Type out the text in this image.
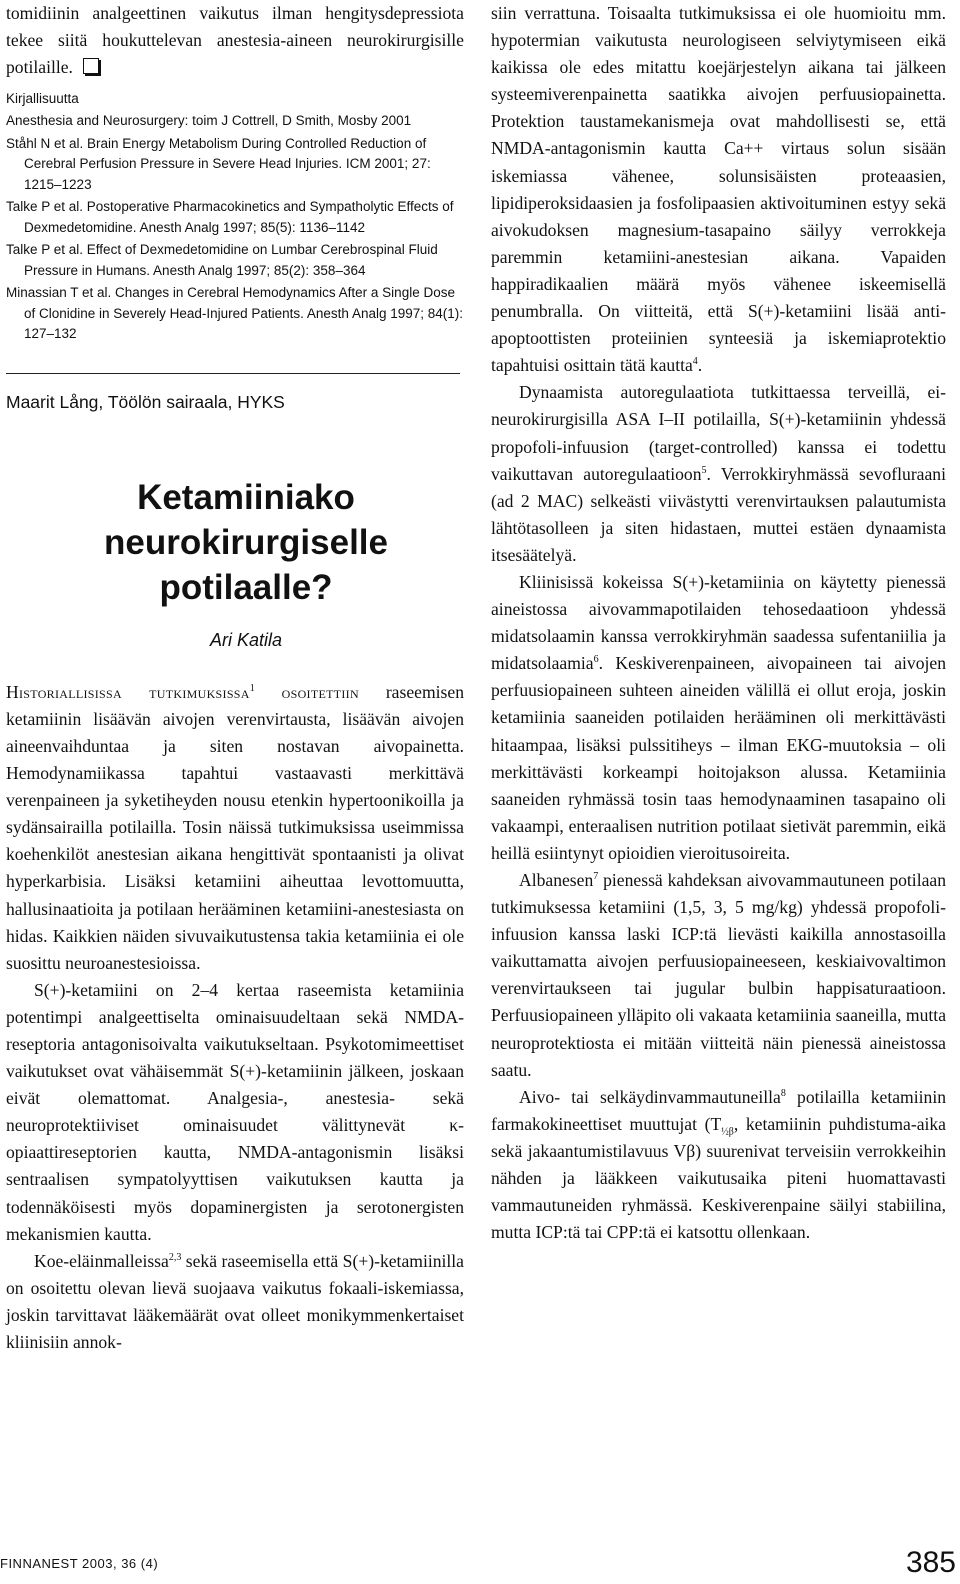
tomidiinin analgeettinen vaikutus ilman hengitysdepressiota tekee siitä houkuttelevan anestesia-aineen neurokirurgisille potilaille.

Kirjallisuutta

Anesthesia and Neurosurgery: toim J Cottrell, D Smith, Mosby 2001

Ståhl N et al. Brain Energy Metabolism During Controlled Reduction of Cerebral Perfusion Pressure in Severe Head Injuries. ICM 2001; 27: 1215–1223

Talke P et al. Postoperative Pharmacokinetics and Sympatholytic Effects of Dexmedetomidine. Anesth Analg 1997; 85(5): 1136–1142

Talke P et al. Effect of Dexmedetomidine on Lumbar Cerebrospinal Fluid Pressure in Humans. Anesth Analg 1997; 85(2): 358–364

Minassian T et al. Changes in Cerebral Hemodynamics After a Single Dose of Clonidine in Severely Head-Injured Patients. Anesth Analg 1997; 84(1): 127–132

Maarit Lång, Töölön sairaala, HYKS
Ketamiiniako neurokirurgiselle potilaalle?
Ari Katila

Historiallisissa tutkimuksissa$^1$ osoitettiin raseemisen ketamiinin lisäävän aivojen verenvirtausta, lisäävän aivojen aineenvaihduntaa ja siten nostavan aivopainetta. Hemodynamiikassa tapahtui vastaavasti merkittävä verenpaineen ja syketiheyden nousu etenkin hypertoonikoilla ja sydänsairailla potilailla. Tosin näissä tutkimuksissa useimmissa koehenkilöt anestesian aikana hengittivät spontaanisti ja olivat hyperkarbisia. Lisäksi ketamiini aiheuttaa levottomuutta, hallusinaatioita ja potilaan herääminen ketamiini-anestesiasta on hidas. Kaikkien näiden sivuvaikutustensa takia ketamiinia ei ole suosittu neuroanestesioissa.

S(+)-ketamiini on 2–4 kertaa raseemista ketamiinia potentimpi analgeettiselta ominaisuudeltaan sekä NMDA-reseptoria antagonisoivalta vaikutukseltaan. Psykotomimeettiset vaikutukset ovat vähäisemmät S(+)-ketamiinin jälkeen, joskaan eivät olemattomat. Analgesia-, anestesia- sekä neuroprotektiiviset ominaisuudet välittynevät κ-opiaattireseptorien kautta, NMDA-antagonismin lisäksi sentraalisen sympatolyyttisen vaikutuksen kautta ja todennäköisesti myös dopaminergisten ja serotonergisten mekanismien kautta.

Koe-eläinmalleissa$^{2,3}$ sekä raseemisella että S(+)-ketamiinilla on osoitettu olevan lievä suojaava vaikutus fokaali-iskemiassa, joskin tarvittavat lääkemäärät ovat olleet monikymmenkertaiset kliinisiin annok-

siin verrattuna. Toisaalta tutkimuksissa ei ole huomioitu mm. hypotermian vaikutusta neurologiseen selviytymiseen eikä kaikissa ole edes mitattu koejärjestelyn aikana tai jälkeen systeemiverenpainetta saatikka aivojen perfuusiopainetta. Protektion taustamekanismeja ovat mahdollisesti se, että NMDA-antagonismin kautta Ca++ virtaus solun sisään iskemiassa vähenee, solunsisäisten proteaasien, lipidiperoksidaasien ja fosfolipaasien aktivoituminen estyy sekä aivokudoksen magnesium-tasapaino säilyy verrokkeja paremmin ketamiini-anestesian aikana. Vapaiden happiradikaalien määrä myös vähenee iskeemisellä penumbralla. On viitteitä, että S(+)-ketamiini lisää anti-apoptoottisten proteiinien synteesiä ja iskemiaprotektio tapahtuisi osittain tätä kautta$^4$.

Dynaamista autoregulaatiota tutkittaessa terveillä, ei-neurokirurgisilla ASA I–II potilailla, S(+)-ketamiinin yhdessä propofoli-infuusion (target-controlled) kanssa ei todettu vaikuttavan autoregulaatioon$^5$. Verrokkiryhmässä sevofluraani (ad 2 MAC) selkeästi viivästytti verenvirtauksen palautumista lähtötasolleen ja siten hidastaen, muttei estäen dynaamista itsesäätelyä.

Kliinisissä kokeissa S(+)-ketamiinia on käytetty pienessä aineistossa aivovammapotilaiden tehosedaatioon yhdessä midatsolaamin kanssa verrokkiryhmän saadessa sufentaniilia ja midatsolaamia$^6$. Keskiverenpaineen, aivopaineen tai aivojen perfuusiopaineen suhteen aineiden välillä ei ollut eroja, joskin ketamiinia saaneiden potilaiden herääminen oli merkittävästi hitaampaa, lisäksi pulssitiheys – ilman EKG-muutoksia – oli merkittävästi korkeampi hoitojakson alussa. Ketamiinia saaneiden ryhmässä tosin taas hemodynaaminen tasapaino oli vakaampi, enteraalisen nutrition potilaat sietivät paremmin, eikä heillä esiintynyt opioidien vieroitusoireita.

Albanesen$^7$ pienessä kahdeksan aivovammautuneen potilaan tutkimuksessa ketamiini (1,5, 3, 5 mg/kg) yhdessä propofoli-infuusion kanssa laski ICP:tä lievästi kaikilla annostasoilla vaikuttamatta aivojen perfuusiopaineeseen, keskiaivovaltimon verenvirtaukseen tai jugular bulbin happisaturaatioon. Perfuusiopaineen ylläpito oli vakaata ketamiinia saaneilla, mutta neuroprotektiosta ei mitään viitteitä näin pienessä aineistossa saatu.

Aivo- tai selkäydinvammautuneilla$^8$ potilailla ketamiinin farmakokineettiset muuttujat ($T_{\frac{1}{2}\beta}$, ketamiinin puhdistuma-aika sekä jakaantumistilavuus Vβ) suurenivat terveisiin verrokkeihin nähden ja lääkkeen vaikutusaika piteni huomattavasti vammautuneiden ryhmässä. Keskiverenpaine säilyi stabiilina, mutta ICP:tä tai CPP:tä ei katsottu ollenkaan.

FINNANEST 2003, 36 (4)	385
